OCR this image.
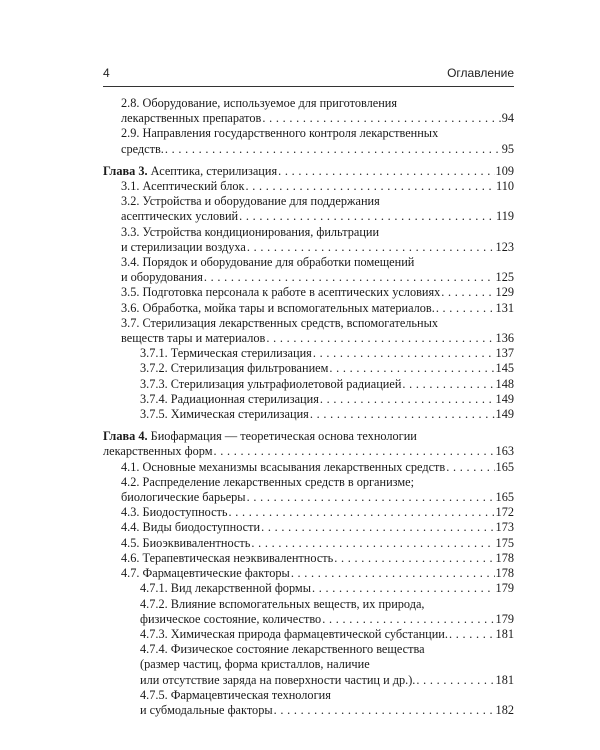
4	Оглавление
2.8. Оборудование, используемое для приготовления
лекарственных препаратов . . .	94
2.9. Направления государственного контроля лекарственных
средств. . . .	95
Глава 3.
Асептика, стерилизация . . .	109
3.1. Асептический блок . . .	110
3.2. Устройства и оборудование для поддержания
асептических условий . . .	119
3.3. Устройства кондиционирования, фильтрации
и стерилизации воздуха . . .	123
3.4. Порядок и оборудование для обработки помещений
и оборудования . . .	125
3.5. Подготовка персонала к работе в асептических условиях . . .	129
3.6. Обработка, мойка тары и вспомогательных материалов. . . .	131
3.7. Стерилизация лекарственных средств, вспомогательных
веществ тары и материалов . . .	136
3.7.1. Термическая стерилизация . . .	137
3.7.2. Стерилизация фильтрованием . . .	145
3.7.3. Стерилизация ультрафиолетовой радиацией . . .	148
3.7.4. Радиационная стерилизация . . .	149
3.7.5. Химическая стерилизация . . .	149
Глава 4. Биофармация — теоретическая основа технологии
лекарственных форм . . .	163
4.1. Основные механизмы всасывания лекарственных средств . . .	165
4.2. Распределение лекарственных средств в организме;
биологические барьеры . . .	165
4.3. Биодоступность . . .	172
4.4. Виды биодоступности . . .	173
4.5. Биоэквивалентность . . .	175
4.6. Терапевтическая неэквивалентность . . .	178
4.7. Фармацевтические факторы . . .	178
4.7.1. Вид лекарственной формы . . .	179
4.7.2. Влияние вспомогательных веществ, их природа,
физическое состояние, количество . . .	179
4.7.3. Химическая природа фармацевтической субстанции. . . .	181
4.7.4. Физическое состояние лекарственного вещества
(размер частиц, форма кристаллов, наличие
или отсутствие заряда на поверхности частиц и др.). . . .	181
4.7.5. Фармацевтическая технология
и субмодальные факторы . . .	182
